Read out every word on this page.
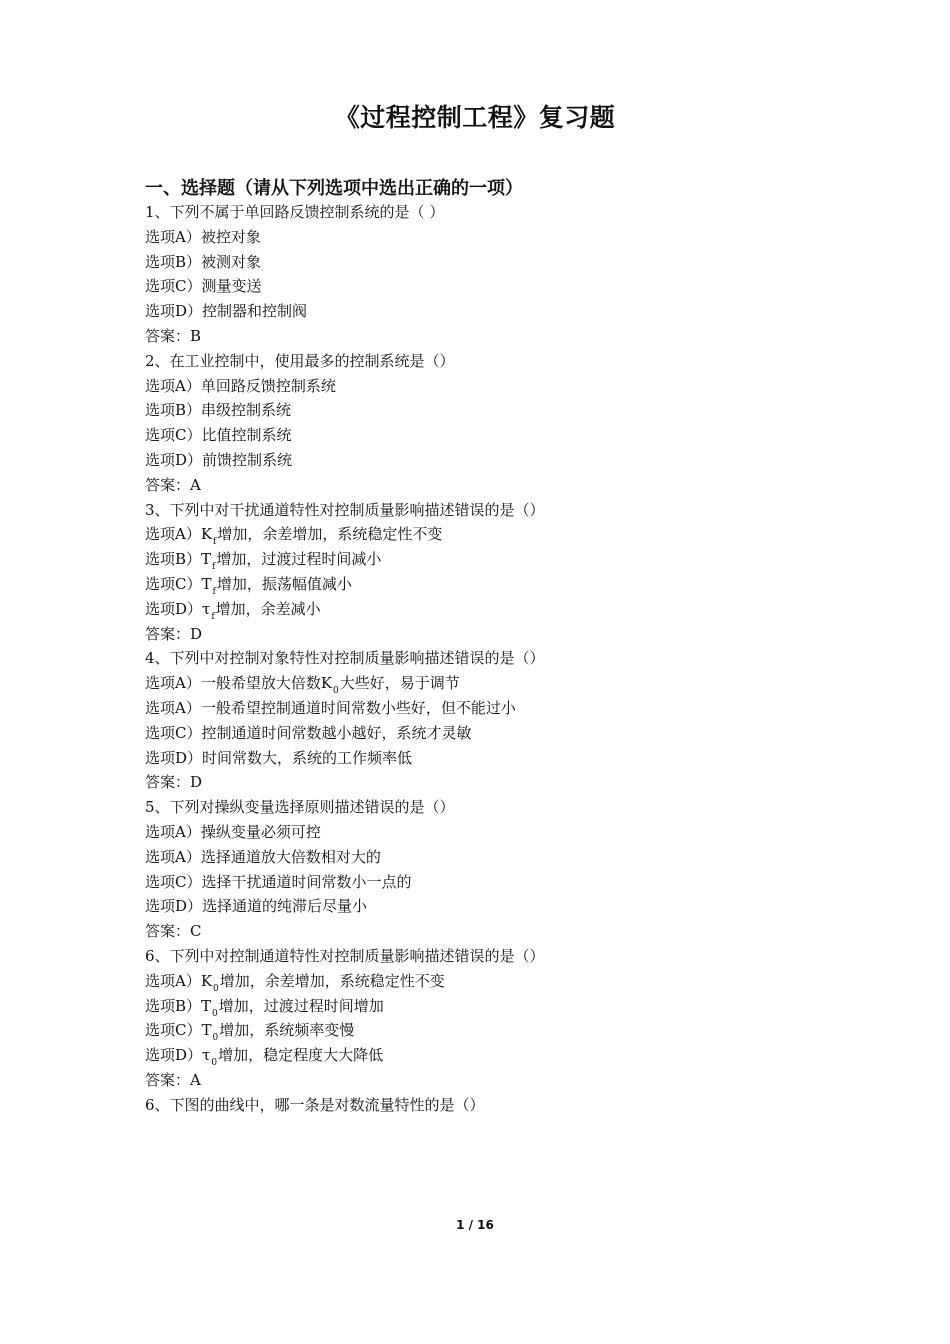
《过程控制工程》复习题
一、选择题（请从下列选项中选出正确的一项）
1、下列不属于单回路反馈控制系统的是（ ）
选项A）被控对象
选项B）被测对象
选项C）测量变送
选项D）控制器和控制阀
答案：B
2、在工业控制中，使用最多的控制系统是（）
选项A）单回路反馈控制系统
选项B）串级控制系统
选项C）比值控制系统
选项D）前馈控制系统
答案：A
3、下列中对干扰通道特性对控制质量影响描述错误的是（）
选项$A)K_f$增加，余差增加，系统稳定性不变
选项$B)T_f$增加，过渡过程时间减小
选项$C)T_f$增加，振荡幅值减小
选项$D)\tau_f$增加，余差减小
答案：D
4、下列中对控制对象特性对控制质量影响描述错误的是（）
选项A）一般希望放大倍数$K_0$大些好，易于调节
选项A）一般希望控制通道时间常数小些好，但不能过小
选项C）控制通道时间常数越小越好，系统才灵敏
选项D）时间常数大，系统的工作频率低
答案：D
5、下列对操纵变量选择原则描述错误的是（）
选项A）操纵变量必须可控
选项A）选择通道放大倍数相对大的
选项C）选择干扰通道时间常数小一点的
选项D）选择通道的纯滞后尽量小
答案：C
6、下列中对控制通道特性对控制质量影响描述错误的是（）
选项$A)K_0$增加，余差增加，系统稳定性不变
选项$B)T_0$增加，过渡过程时间增加
选项$C)T_0$增加，系统频率变慢
选项$D)\tau_0$增加，稳定程度大大降低
答案：A
6、下图的曲线中，哪一条是对数流量特性的是（）
1 / 16
